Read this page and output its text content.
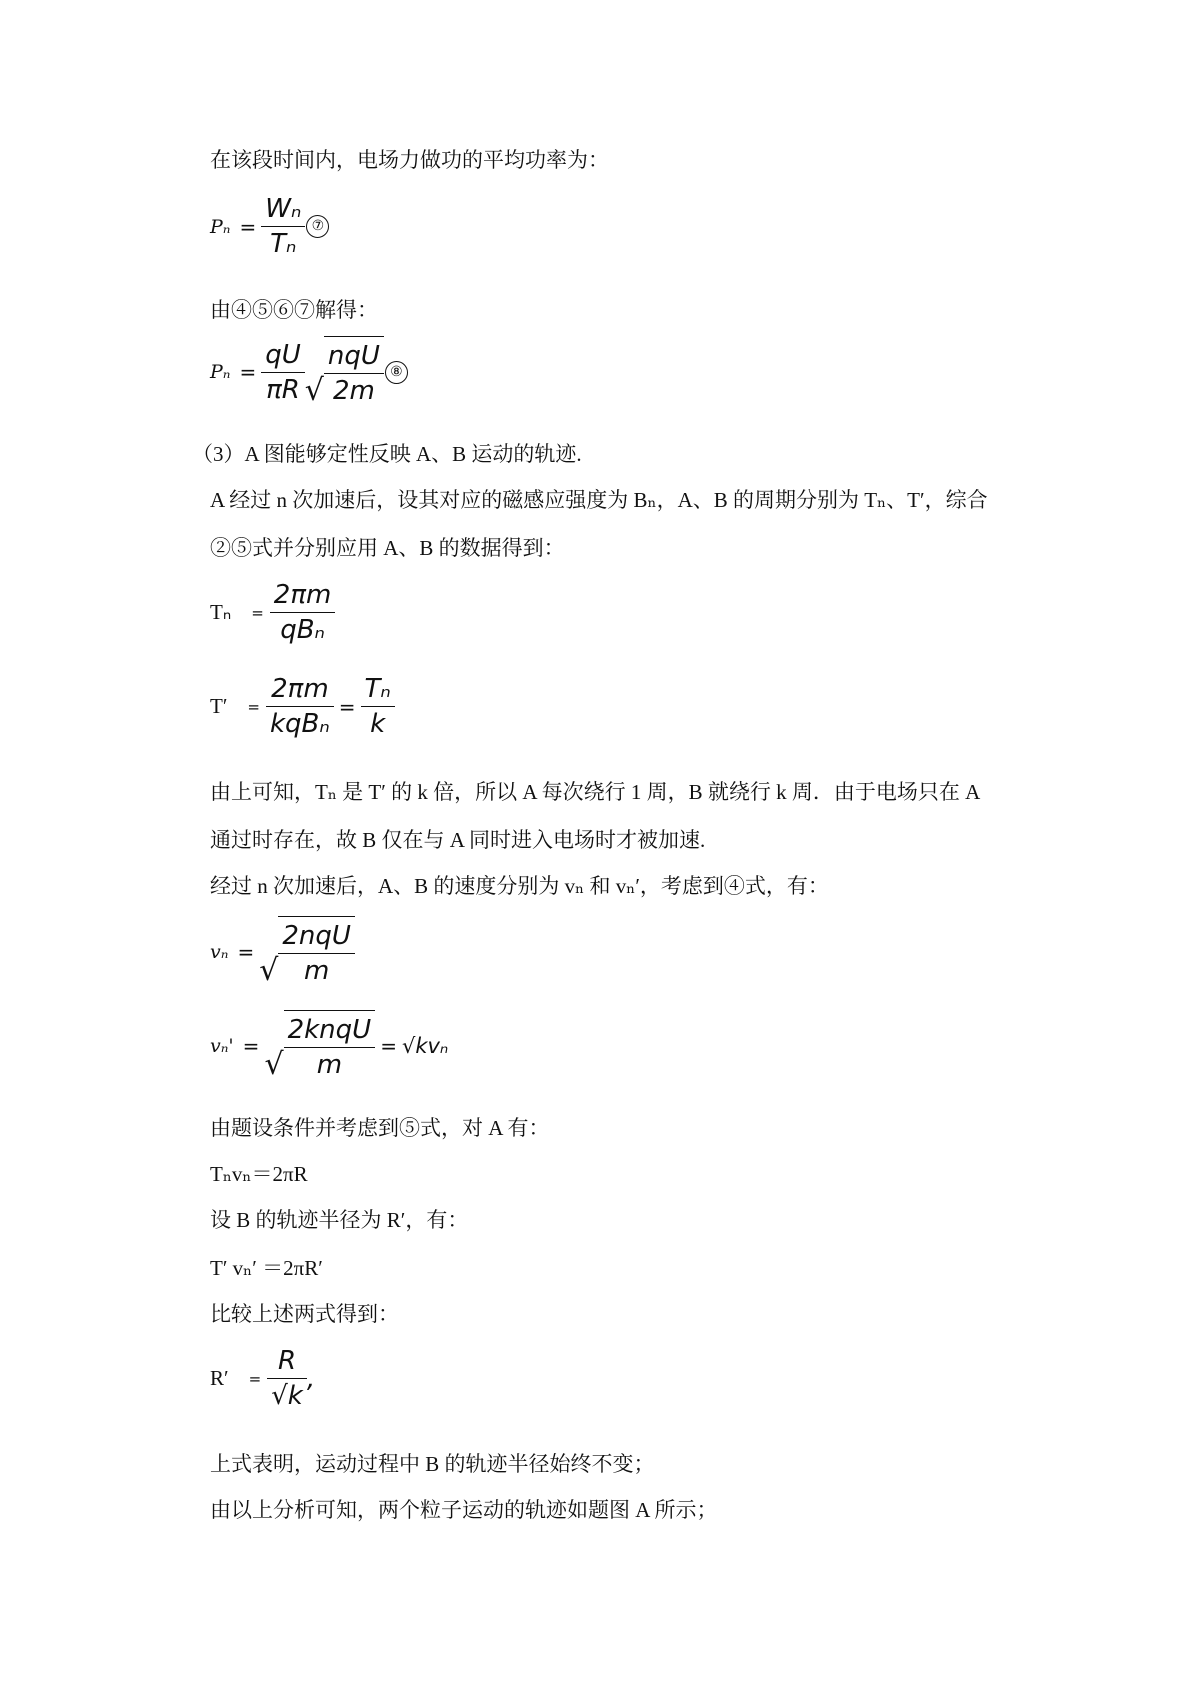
在该段时间内，电场力做功的平均功率为：
$P_n = \frac{\text{Wₙ}}{\text{Tₙ}}$ ⑦
由④⑤⑥⑦解得：
$P_n = \frac{qU}{\pi R}$ √ $\frac{\text{nqU}}{2m}$ ⑧
（3）A 图能够定性反映 A、B 运动的轨迹.
A 经过 n 次加速后，设其对应的磁感应强度为 Bₙ，A、B 的周期分别为 Tₙ、T′，综合
②⑤式并分别应用 A、B 的数据得到：
$T_n = \frac{2\pi m}{\text{qBₙ}}$
$T' = \frac{2\pi m}{\text{kqBₙ}} = \frac{\text{Tₙ}}{k}$
由上可知，Tₙ 是 T′ 的 k 倍，所以 A 每次绕行 1 周，B 就绕行 k 周．由于电场只在 A
通过时存在，故 B 仅在与 A 同时进入电场时才被加速.
经过 n 次加速后，A、B 的速度分别为 vₙ 和 vₙ′，考虑到④式，有：
vₙ =
√ $\frac{\text{2nqU}}{m}$
vₙ' =
√ $\frac{\text{2knqU}}{m} = √kv_n$
由题设条件并考虑到⑤式，对 A 有：
Tₙvₙ＝2πR
设 B 的轨迹半径为 R′，有：
T′ vₙ′ ＝2πR′
比较上述两式得到：
$R' = \frac{R}{√k}$ ,
上式表明，运动过程中 B 的轨迹半径始终不变；
由以上分析可知，两个粒子运动的轨迹如题图 A 所示；
